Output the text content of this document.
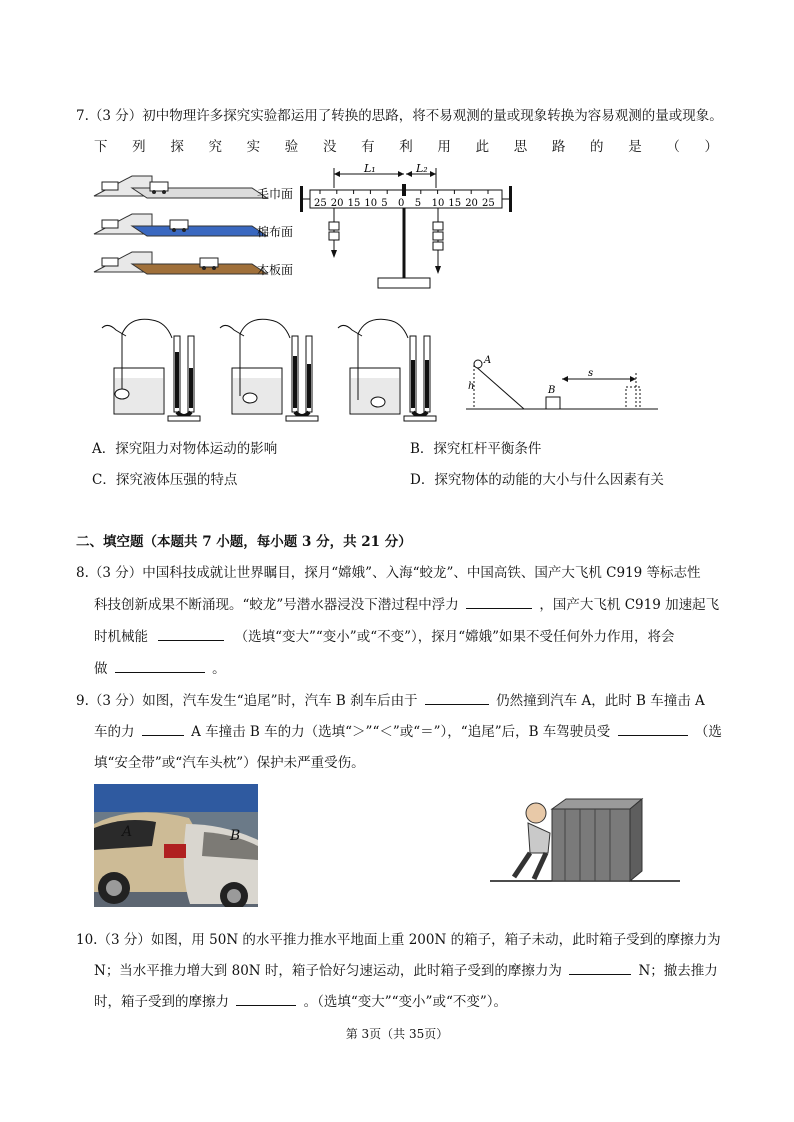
7.（3 分）初中物理许多探究实验都运用了转换的思路，将不易观测的量或现象转换为容易观测的量或现象。
下 列 探 究 实 验 没 有 利 用 此 思 路 的 是 （ ）
毛巾面
棉布面
木板面
L₁	L₂
25 20 15 10 5 0 5 10 15 20 25
A
h	B
s
A．探究阻力对物体运动的影响	B．探究杠杆平衡条件
C．探究液体压强的特点	D．探究物体的动能的大小与什么因素有关
二、填空题（本题共 7 小题，每小题 3 分，共 21 分）
8.（3 分）中国科技成就让世界瞩目，探月“嫦娥”、入海“蛟龙”、中国高铁、国产大飞机 C919 等标志性
科技创新成果不断涌现。“蛟龙”号潜水器浸没下潜过程中浮力	，国产大飞机 C919 加速起飞
时机械能	（选填“变大”“变小”或“不变”），探月“嫦娥”如果不受任何外力作用，将会
做	。
9.（3 分）如图，汽车发生“追尾”时，汽车 B 刹车后由于	仍然撞到汽车 A，此时 B 车撞击 A
车的力	A 车撞击 B 车的力（选填“＞”“＜”或“＝”），“追尾”后，B 车驾驶员受	（选
填“安全带”或“汽车头枕”）保护未严重受伤。
A	B
10.（3 分）如图，用 50N 的水平推力推水平地面上重 200N 的箱子，箱子未动，此时箱子受到的摩擦力为
N；当水平推力增大到 80N 时，箱子恰好匀速运动，此时箱子受到的摩擦力为	N；撤去推力
时，箱子受到的摩擦力	。（选填“变大”“变小”或“不变”）。
第 3页（共 35页）
